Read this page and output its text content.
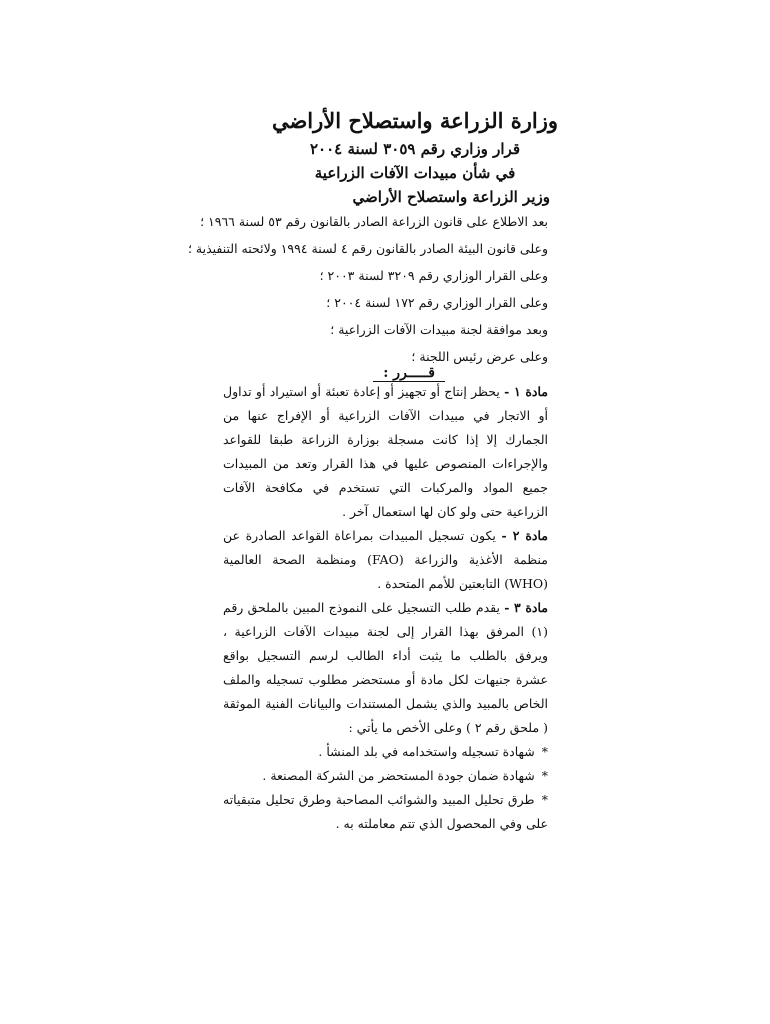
وزارة الزراعة واستصلاح الأراضي
قرار وزاري رقم ٣٠٥٩ لسنة ٢٠٠٤
في شأن مبيدات الآفات الزراعية
وزير الزراعة واستصلاح الأراضي
بعد الاطلاع على قانون الزراعة الصادر بالقانون رقم ٥٣ لسنة ١٩٦٦ ؛
وعلى قانون البيئة الصادر بالقانون رقم ٤ لسنة ١٩٩٤ ولائحته التنفيذية ؛
وعلى القرار الوزاري رقم ٣٢٠٩ لسنة ٢٠٠٣ ؛
وعلى القرار الوزاري رقم ١٧٢ لسنة ٢٠٠٤ ؛
وبعد موافقة لجنة مبيدات الآفات الزراعية ؛
وعلى عرض رئيس اللجنة ؛
قـــــرر :

مادة ١ - يحظر إنتاج أو تجهيز أو إعادة تعبئة أو استيراد أو تداول أو الاتجار في مبيدات الآفات الزراعية أو الإفراج عنها من الجمارك إلا إذا كانت مسجلة بوزارة الزراعة طبقا للقواعد والإجراءات المنصوص عليها في هذا القرار وتعد من المبيدات جميع المواد والمركبات التي تستخدم في مكافحة الآفات الزراعية حتى ولو كان لها استعمال آخر .

مادة ٢ - يكون تسجيل المبيدات بمراعاة القواعد الصادرة عن منظمة الأغذية والزراعة (FAO) ومنظمة الصحة العالمية (WHO) التابعتين للأمم المتحدة .

مادة ٣ - يقدم طلب التسجيل على النموذج المبين بالملحق رقم (١) المرفق بهذا القرار إلى لجنة مبيدات الآفات الزراعية ، ويرفق بالطلب ما يثبت أداء الطالب لرسم التسجيل بواقع عشرة جنيهات لكل مادة أو مستحضر مطلوب تسجيله والملف الخاص بالمبيد والذي يشمل المستندات والبيانات الفنية الموثقة ( ملحق رقم ٢ ) وعلى الأخص ما يأتي :

* شهادة تسجيله واستخدامه في بلد المنشأ .
* شهادة ضمان جودة المستحضر من الشركة المصنعة .
* طرق تحليل المبيد والشوائب المصاحبة وطرق تحليل متبقياته على وفي المحصول الذي تتم معاملته به .
